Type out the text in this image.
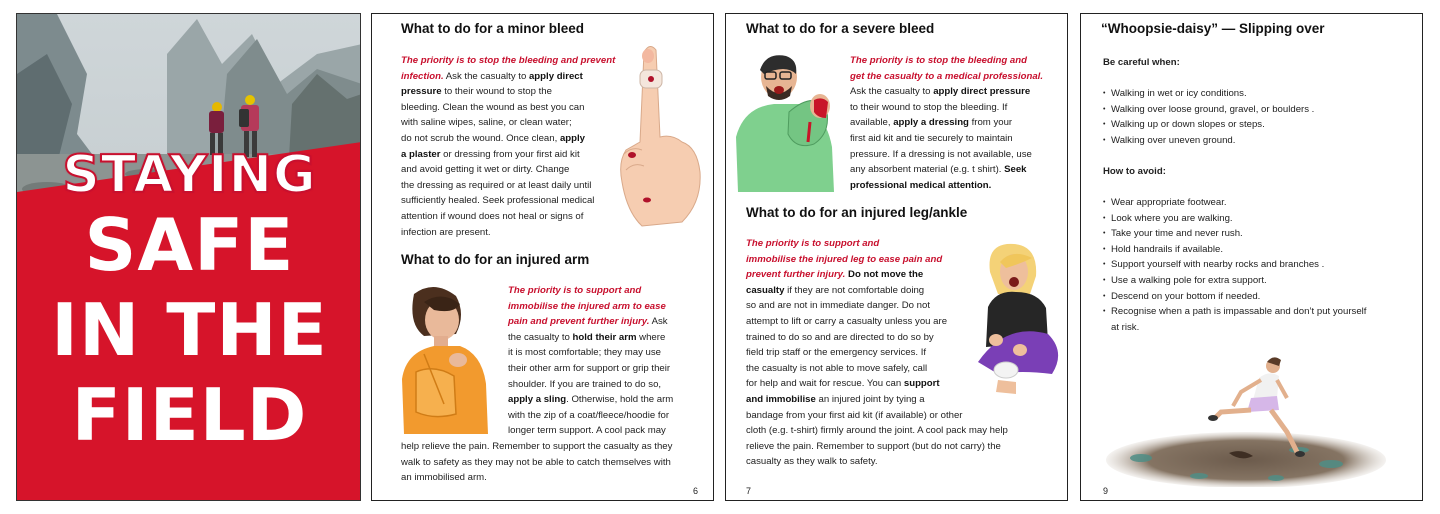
STAYING
SAFE
IN THE
FIELD
What to do for a minor bleed
The priority is to stop the bleeding and prevent
infection. Ask the casualty to apply direct
pressure to their wound to stop the
bleeding. Clean the wound as best you can
with saline wipes, saline, or clean water;
do not scrub the wound. Once clean, apply
a plaster or dressing from your first aid kit
and avoid getting it wet or dirty. Change
the dressing as required or at least daily until
sufficiently healed. Seek professional medical
attention if wound does not heal or signs of
infection are present.
What to do for an injured arm
The priority is to support and
immobilise the injured arm to ease
pain and prevent further injury. Ask
the casualty to hold their arm where
it is most comfortable; they may use
their other arm for support or grip their
shoulder. If you are trained to do so,
apply a sling. Otherwise, hold the arm
with the zip of a coat/fleece/hoodie for
longer term support. A cool pack may
help relieve the pain. Remember to support the casualty as they
walk to safety as they may not be able to catch themselves with
an immobilised arm.
6
What to do for a severe bleed
The priority is to stop the bleeding and
get the casualty to a medical professional.
Ask the casualty to apply direct pressure
to their wound to stop the bleeding. If
available, apply a dressing from your
first aid kit and tie securely to maintain
pressure. If a dressing is not available, use
any absorbent material (e.g. t shirt). Seek
professional medical attention.
What to do for an injured leg/ankle
The priority is to support and
immobilise the injured leg to ease pain and
prevent further injury. Do not move the
casualty if they are not comfortable doing
so and are not in immediate danger. Do not
attempt to lift or carry a casualty unless you are
trained to do so and are directed to do so by
field trip staff or the emergency services. If
the casualty is not able to move safely, call
for help and wait for rescue. You can support
and immobilise an injured joint by tying a
bandage from your first aid kit (if available) or other
cloth (e.g. t-shirt) firmly around the joint. A cool pack may help
relieve the pain. Remember to support (but do not carry) the
casualty as they walk to safety.
7
“Whoopsie-daisy” — Slipping over
Be careful when:
• Walking in wet or icy conditions.
• Walking over loose ground, gravel, or boulders .
• Walking up or down slopes or steps.
• Walking over uneven ground.
How to avoid:
• Wear appropriate footwear.
• Look where you are walking.
• Take your time and never rush.
• Hold handrails if available.
• Support yourself with nearby rocks and branches .
• Use a walking pole for extra support.
• Descend on your bottom if needed.
• Recognise when a path is impassable and don’t put yourself
at risk.
9
